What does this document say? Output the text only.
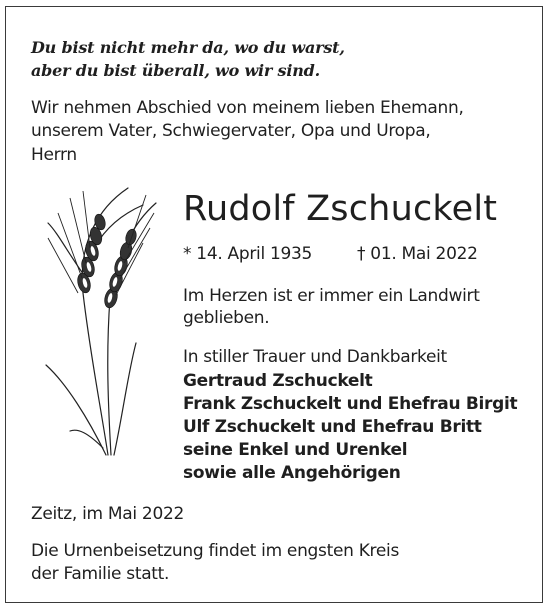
Du bist nicht mehr da, wo du warst,

aber du bist überall, wo wir sind.

Wir nehmen Abschied von meinem lieben Ehemann,

unserem Vater, Schwiegervater, Opa und Uropa,

Herrn

Rudolf Zschuckelt

* 14. April 1935	† 01. Mai 2022

Im Herzen ist er immer ein Landwirt

geblieben.

In stiller Trauer und Dankbarkeit

Gertraud Zschuckelt

Frank Zschuckelt und Ehefrau Birgit

Ulf Zschuckelt und Ehefrau Britt

seine Enkel und Urenkel

sowie alle Angehörigen

Zeitz, im Mai 2022

Die Urnenbeisetzung findet im engsten Kreis

der Familie statt.
